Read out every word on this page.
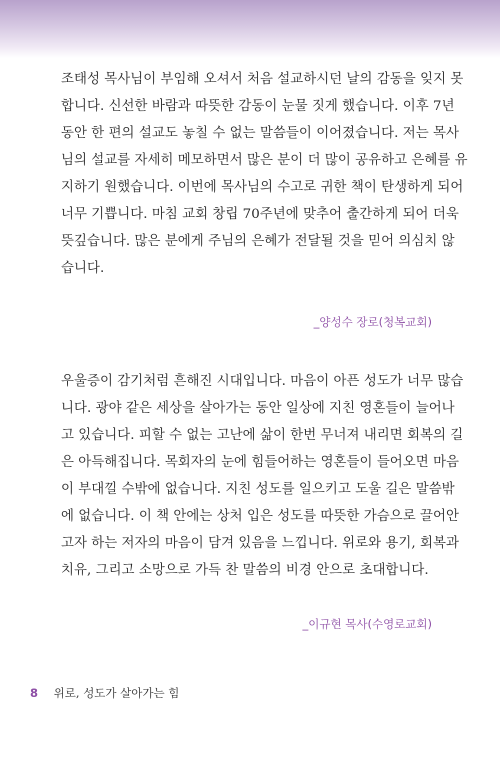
조태성 목사님이 부임해 오셔서 처음 설교하시던 날의 감동을 잊지 못
합니다. 신선한 바람과 따뜻한 감동이 눈물 짓게 했습니다. 이후 7년
동안 한 편의 설교도 놓칠 수 없는 말씀들이 이어졌습니다. 저는 목사
님의 설교를 자세히 메모하면서 많은 분이 더 많이 공유하고 은혜를 유
지하기 원했습니다. 이번에 목사님의 수고로 귀한 책이 탄생하게 되어
너무 기쁩니다. 마침 교회 창립 70주년에 맞추어 출간하게 되어 더욱
뜻깊습니다. 많은 분에게 주님의 은혜가 전달될 것을 믿어 의심치 않
습니다.
_양성수 장로(청복교회)
우울증이 감기처럼 흔해진 시대입니다. 마음이 아픈 성도가 너무 많습
니다. 광야 같은 세상을 살아가는 동안 일상에 지친 영혼들이 늘어나
고 있습니다. 피할 수 없는 고난에 삶이 한번 무너져 내리면 회복의 길
은 아득해집니다. 목회자의 눈에 힘들어하는 영혼들이 들어오면 마음
이 부대낄 수밖에 없습니다. 지친 성도를 일으키고 도울 길은 말씀밖
에 없습니다. 이 책 안에는 상처 입은 성도를 따뜻한 가슴으로 끌어안
고자 하는 저자의 마음이 담겨 있음을 느낍니다. 위로와 용기, 회복과
치유, 그리고 소망으로 가득 찬 말씀의 비경 안으로 초대합니다.
_이규현 목사(수영로교회)
8 위로, 성도가 살아가는 힘
